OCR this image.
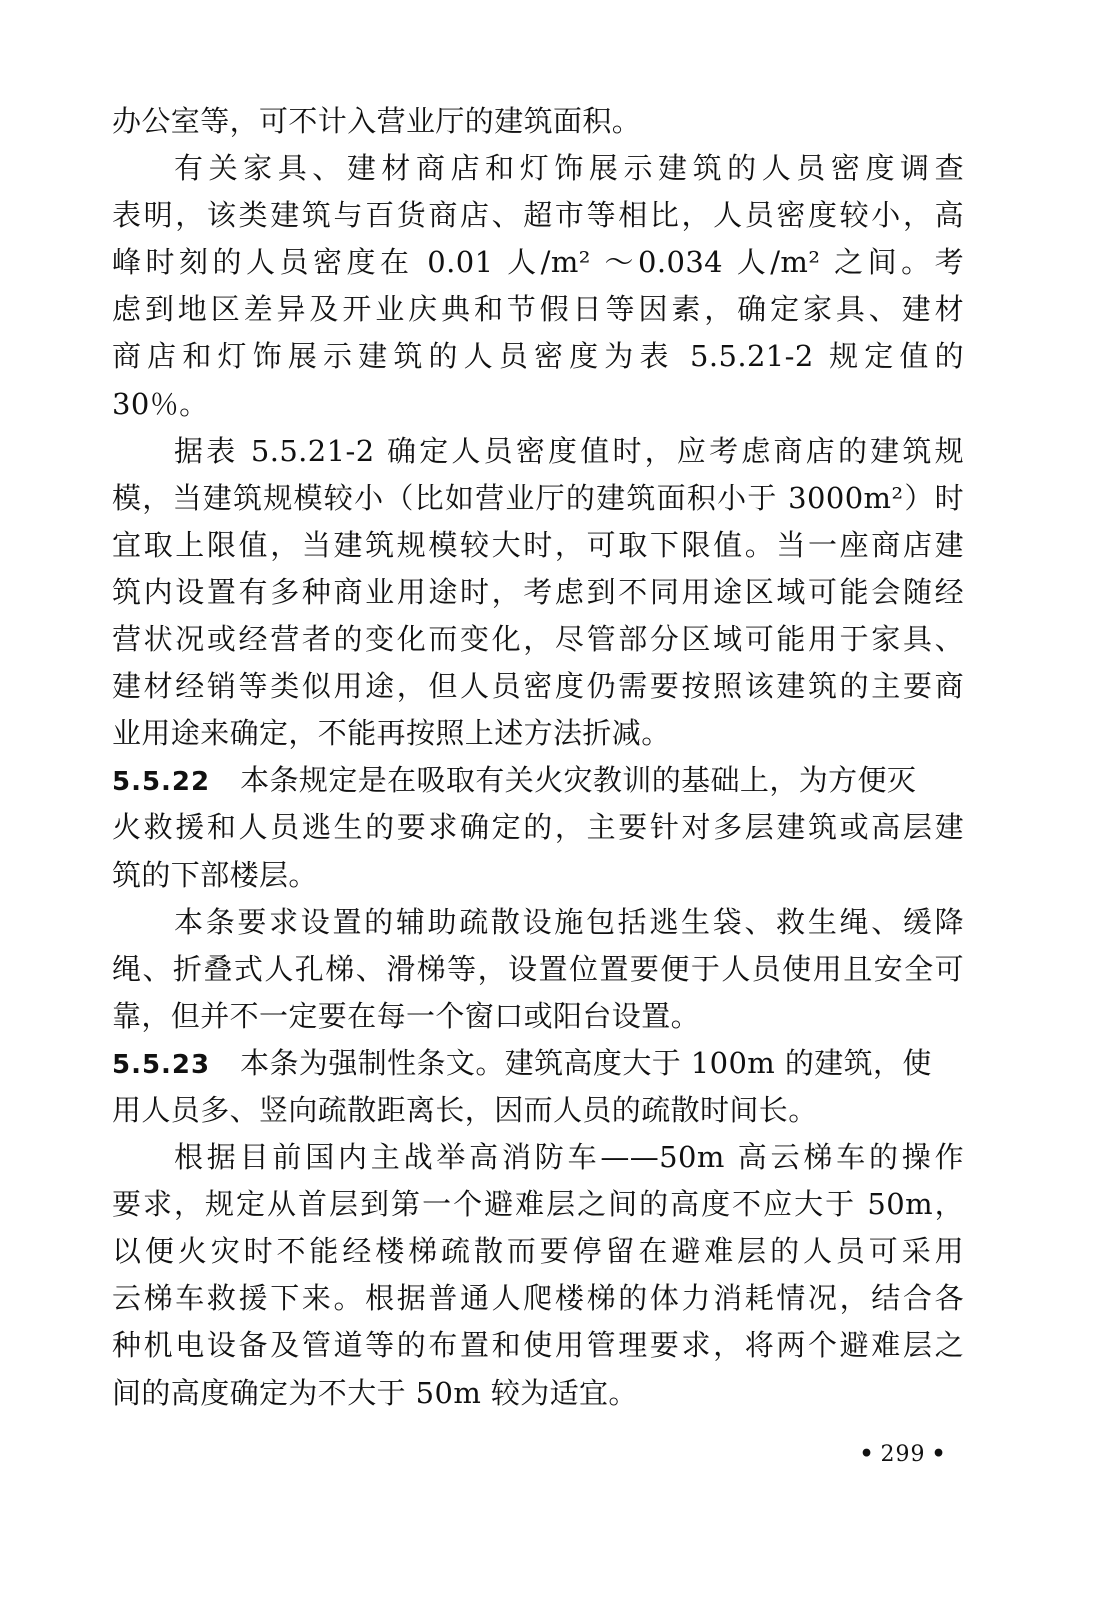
办公室等，可不计入营业厅的建筑面积。
有关家具、建材商店和灯饰展示建筑的人员密度调查
表明，该类建筑与百货商店、超市等相比，人员密度较小，高
峰时刻的人员密度在 0.01 人/m² ～0.034 人/m² 之间。考
虑到地区差异及开业庆典和节假日等因素，确定家具、建材
商店和灯饰展示建筑的人员密度为表 5.5.21-2 规定值的
30％。
据表 5.5.21-2 确定人员密度值时，应考虑商店的建筑规
模，当建筑规模较小（比如营业厅的建筑面积小于 3000m²）时
宜取上限值，当建筑规模较大时，可取下限值。当一座商店建
筑内设置有多种商业用途时，考虑到不同用途区域可能会随经
营状况或经营者的变化而变化，尽管部分区域可能用于家具、
建材经销等类似用途，但人员密度仍需要按照该建筑的主要商
业用途来确定，不能再按照上述方法折减。
5.5.22 本条规定是在吸取有关火灾教训的基础上，为方便灭
火救援和人员逃生的要求确定的，主要针对多层建筑或高层建
筑的下部楼层。
本条要求设置的辅助疏散设施包括逃生袋、救生绳、缓降
绳、折叠式人孔梯、滑梯等，设置位置要便于人员使用且安全可
靠，但并不一定要在每一个窗口或阳台设置。
5.5.23 本条为强制性条文。建筑高度大于 100m 的建筑，使
用人员多、竖向疏散距离长，因而人员的疏散时间长。
根据目前国内主战举高消防车——50m 高云梯车的操作
要求，规定从首层到第一个避难层之间的高度不应大于 50m，
以便火灾时不能经楼梯疏散而要停留在避难层的人员可采用
云梯车救援下来。根据普通人爬楼梯的体力消耗情况，结合各
种机电设备及管道等的布置和使用管理要求，将两个避难层之
间的高度确定为不大于 50m 较为适宜。
• 299 •
